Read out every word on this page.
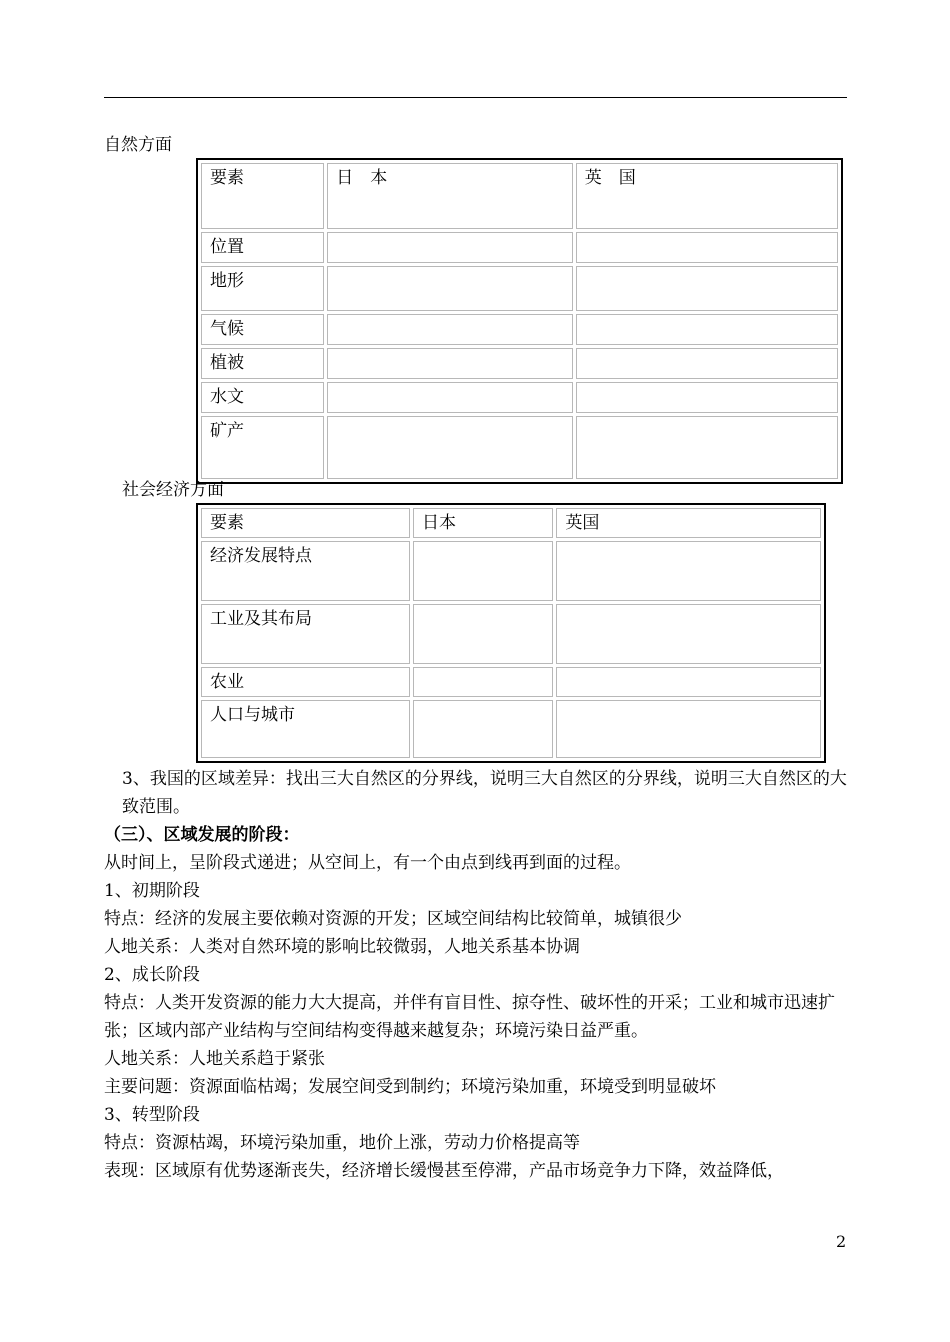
自然方面
要素	日　本	英　国
位置		
地形		
气候		
植被		
水文		
矿产		
社会经济方面
要素	日本	英国
经济发展特点		
工业及其布局		
农业		
人口与城市		

3、我国的区域差异：找出三大自然区的分界线，说明三大自然区的分界线，说明三大自然区的大致范围。

（三）、区域发展的阶段：

从时间上，呈阶段式递进；从空间上，有一个由点到线再到面的过程。

1、初期阶段

特点：经济的发展主要依赖对资源的开发；区域空间结构比较简单，城镇很少

人地关系：人类对自然环境的影响比较微弱，人地关系基本协调

2、成长阶段

特点：人类开发资源的能力大大提高，并伴有盲目性、掠夺性、破坏性的开采；工业和城市迅速扩张；区域内部产业结构与空间结构变得越来越复杂；环境污染日益严重。

人地关系：人地关系趋于紧张

主要问题：资源面临枯竭；发展空间受到制约；环境污染加重，环境受到明显破坏

3、转型阶段

特点：资源枯竭，环境污染加重，地价上涨，劳动力价格提高等

表现：区域原有优势逐渐丧失，经济增长缓慢甚至停滞，产品市场竞争力下降，效益降低，

2
